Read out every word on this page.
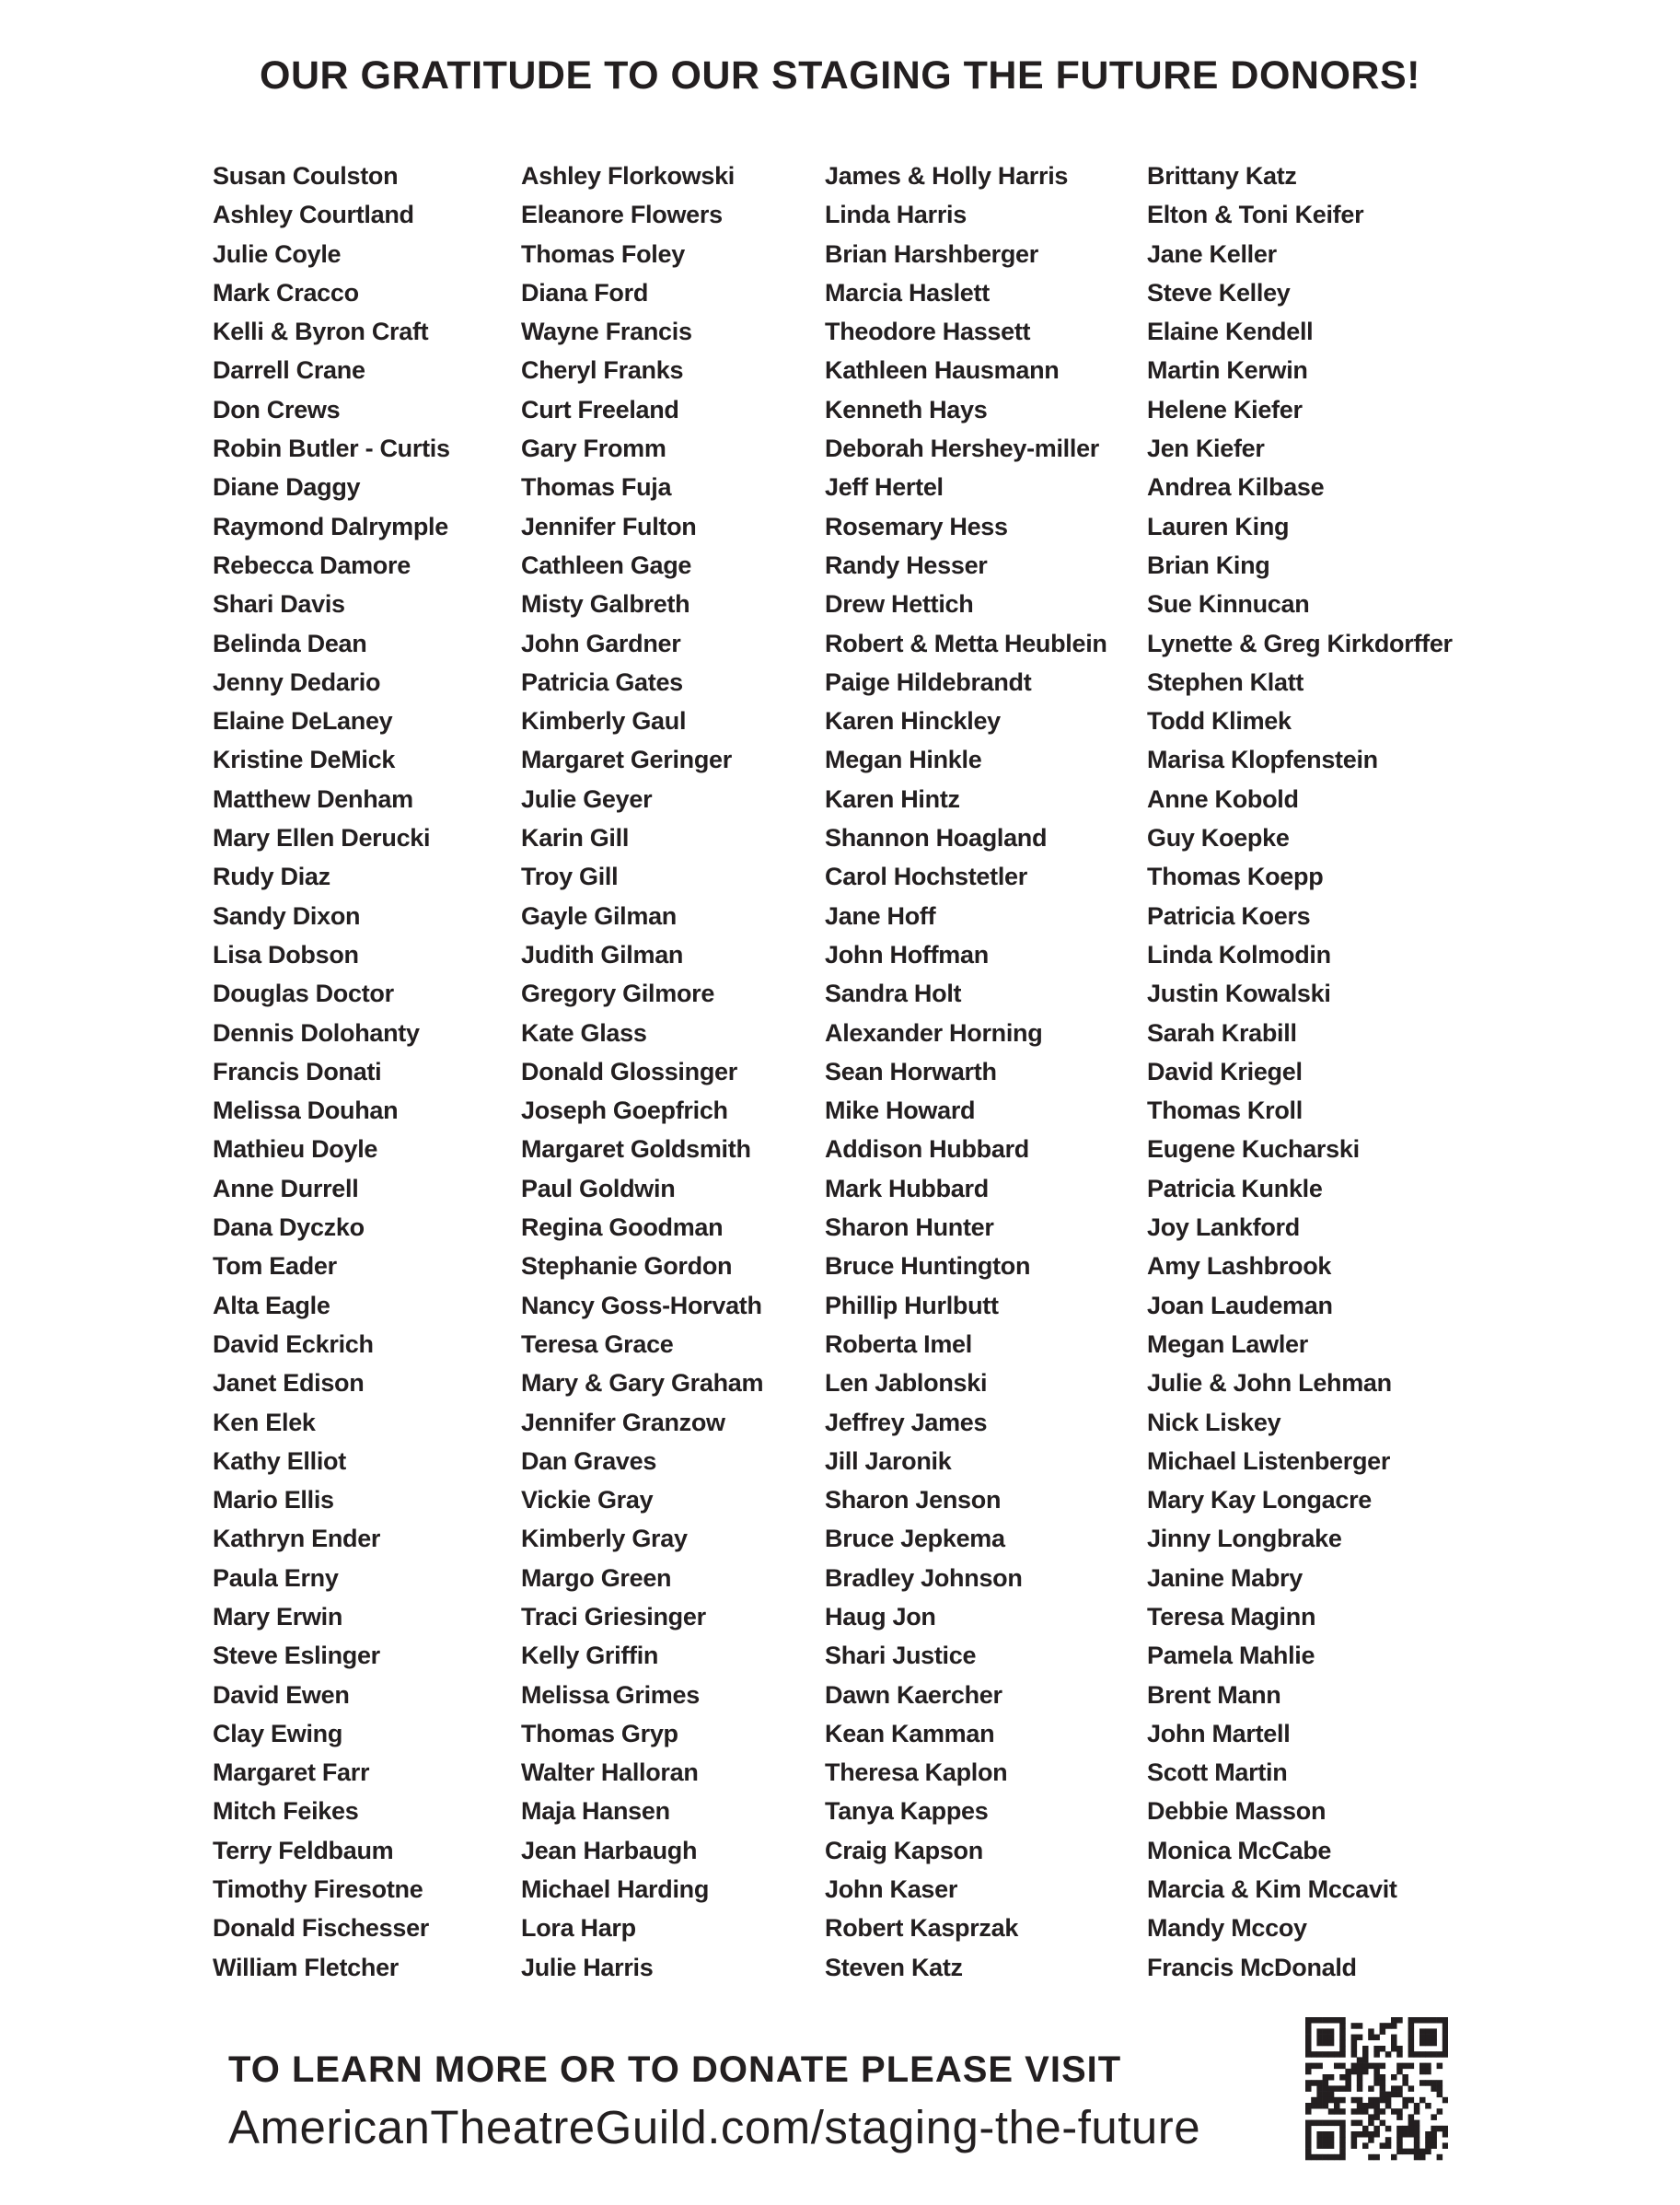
OUR GRATITUDE TO OUR STAGING THE FUTURE DONORS!
Susan Coulston
Ashley Courtland
Julie Coyle
Mark Cracco
Kelli & Byron Craft
Darrell Crane
Don Crews
Robin Butler - Curtis
Diane Daggy
Raymond Dalrymple
Rebecca Damore
Shari Davis
Belinda Dean
Jenny Dedario
Elaine DeLaney
Kristine DeMick
Matthew Denham
Mary Ellen Derucki
Rudy Diaz
Sandy Dixon
Lisa Dobson
Douglas Doctor
Dennis Dolohanty
Francis Donati
Melissa Douhan
Mathieu Doyle
Anne Durrell
Dana Dyczko
Tom Eader
Alta Eagle
David Eckrich
Janet Edison
Ken Elek
Kathy Elliot
Mario Ellis
Kathryn Ender
Paula Erny
Mary Erwin
Steve Eslinger
David Ewen
Clay Ewing
Margaret Farr
Mitch Feikes
Terry Feldbaum
Timothy Firesotne
Donald Fischesser
William Fletcher
Ashley Florkowski
Eleanore Flowers
Thomas Foley
Diana Ford
Wayne Francis
Cheryl Franks
Curt Freeland
Gary Fromm
Thomas Fuja
Jennifer Fulton
Cathleen Gage
Misty Galbreth
John Gardner
Patricia Gates
Kimberly Gaul
Margaret Geringer
Julie Geyer
Karin Gill
Troy Gill
Gayle Gilman
Judith Gilman
Gregory Gilmore
Kate Glass
Donald Glossinger
Joseph Goepfrich
Margaret Goldsmith
Paul Goldwin
Regina Goodman
Stephanie Gordon
Nancy Goss-Horvath
Teresa Grace
Mary & Gary Graham
Jennifer Granzow
Dan Graves
Vickie Gray
Kimberly Gray
Margo Green
Traci Griesinger
Kelly Griffin
Melissa Grimes
Thomas Gryp
Walter Halloran
Maja Hansen
Jean Harbaugh
Michael Harding
Lora Harp
Julie Harris
James & Holly Harris
Linda Harris
Brian Harshberger
Marcia Haslett
Theodore Hassett
Kathleen Hausmann
Kenneth Hays
Deborah Hershey-miller
Jeff Hertel
Rosemary Hess
Randy Hesser
Drew Hettich
Robert & Metta Heublein
Paige Hildebrandt
Karen Hinckley
Megan Hinkle
Karen Hintz
Shannon Hoagland
Carol Hochstetler
Jane Hoff
John Hoffman
Sandra Holt
Alexander Horning
Sean Horwarth
Mike Howard
Addison Hubbard
Mark Hubbard
Sharon Hunter
Bruce Huntington
Phillip Hurlbutt
Roberta Imel
Len Jablonski
Jeffrey James
Jill Jaronik
Sharon Jenson
Bruce Jepkema
Bradley Johnson
Haug Jon
Shari Justice
Dawn Kaercher
Kean Kamman
Theresa Kaplon
Tanya Kappes
Craig Kapson
John Kaser
Robert Kasprzak
Steven Katz
Brittany Katz
Elton & Toni Keifer
Jane Keller
Steve Kelley
Elaine Kendell
Martin Kerwin
Helene Kiefer
Jen Kiefer
Andrea Kilbase
Lauren King
Brian King
Sue Kinnucan
Lynette & Greg Kirkdorffer
Stephen Klatt
Todd Klimek
Marisa Klopfenstein
Anne Kobold
Guy Koepke
Thomas Koepp
Patricia Koers
Linda Kolmodin
Justin Kowalski
Sarah Krabill
David Kriegel
Thomas Kroll
Eugene Kucharski
Patricia Kunkle
Joy Lankford
Amy Lashbrook
Joan Laudeman
Megan Lawler
Julie & John Lehman
Nick Liskey
Michael Listenberger
Mary Kay Longacre
Jinny Longbrake
Janine Mabry
Teresa Maginn
Pamela Mahlie
Brent Mann
John Martell
Scott Martin
Debbie Masson
Monica McCabe
Marcia & Kim Mccavit
Mandy Mccoy
Francis McDonald

TO LEARN MORE OR TO DONATE PLEASE VISIT

AmericanTheatreGuild.com/staging-the-future
